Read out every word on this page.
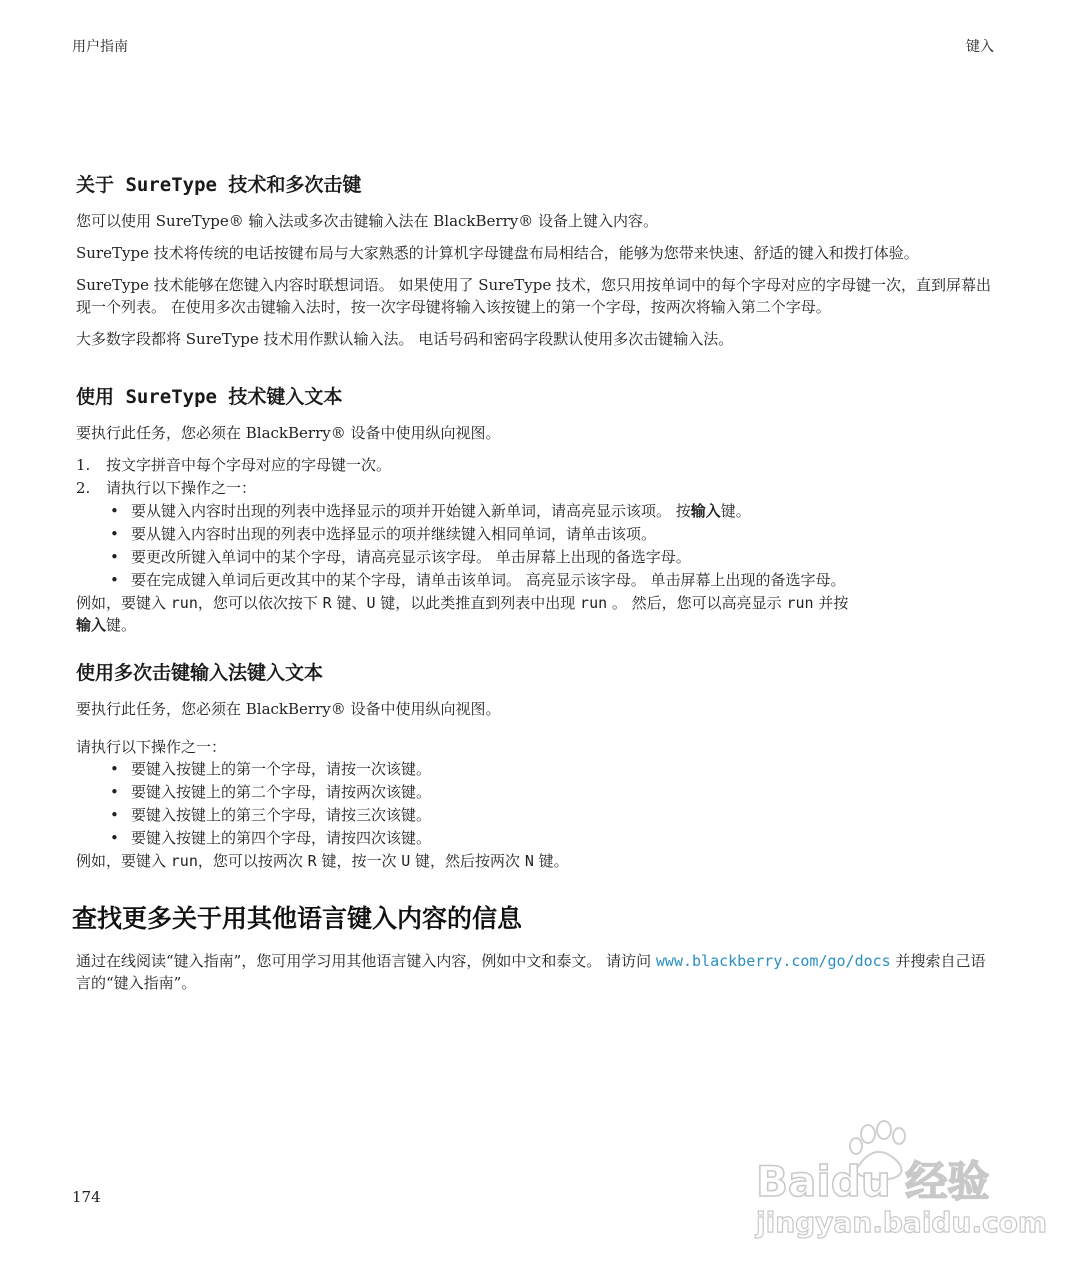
用户指南	键入
关于 SureType 技术和多次击键

您可以使用 SureType® 输入法或多次击键输入法在 BlackBerry® 设备上键入内容。

SureType 技术将传统的电话按键布局与大家熟悉的计算机字母键盘布局相结合，能够为您带来快速、舒适的键入和拨打体验。

SureType 技术能够在您键入内容时联想词语。 如果使用了 SureType 技术，您只用按单词中的每个字母对应的字母键一次，直到屏幕出现一个列表。 在使用多次击键输入法时，按一次字母键将输入该按键上的第一个字母，按两次将输入第二个字母。

大多数字段都将 SureType 技术用作默认输入法。 电话号码和密码字段默认使用多次击键输入法。

使用 SureType 技术键入文本

要执行此任务，您必须在 BlackBerry® 设备中使用纵向视图。

1. 按文字拼音中每个字母对应的字母键一次。
2. 请执行以下操作之一：
• 要从键入内容时出现的列表中选择显示的项并开始键入新单词，请高亮显示该项。 按输入键。
• 要从键入内容时出现的列表中选择显示的项并继续键入相同单词，请单击该项。
• 要更改所键入单词中的某个字母，请高亮显示该字母。 单击屏幕上出现的备选字母。
• 要在完成键入单词后更改其中的某个字母，请单击该单词。 高亮显示该字母。 单击屏幕上出现的备选字母。

例如，要键入 run，您可以依次按下 R 键、U 键，以此类推直到列表中出现 run 。 然后，您可以高亮显示 run 并按
输入键。

使用多次击键输入法键入文本

要执行此任务，您必须在 BlackBerry® 设备中使用纵向视图。

请执行以下操作之一：

• 要键入按键上的第一个字母，请按一次该键。
• 要键入按键上的第二个字母，请按两次该键。
• 要键入按键上的第三个字母，请按三次该键。
• 要键入按键上的第四个字母，请按四次该键。

例如，要键入 run，您可以按两次 R 键，按一次 U 键，然后按两次 N 键。

查找更多关于用其他语言键入内容的信息

通过在线阅读“键入指南”，您可用学习用其他语言键入内容，例如中文和泰文。 请访问 www.blackberry.com/go/docs 并搜索自己语言的“键入指南”。

174	Baidu 经验
jingyan.baidu.com
